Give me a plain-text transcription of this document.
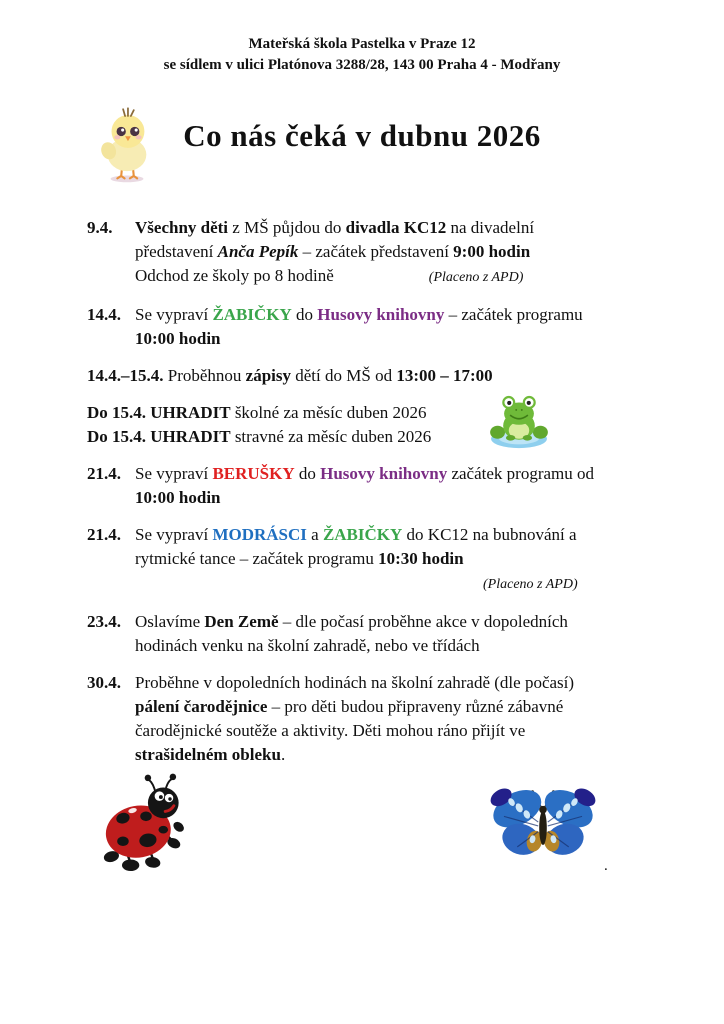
Mateřská škola Pastelka v Praze 12
se sídlem v ulici Platónova 3288/28, 143 00 Praha 4 - Modřany
Co nás čeká v dubnu 2026
9.4.	Všechny děti z MŠ půjdou do divadla KC12 na divadelní
představení Anča Pepík – začátek představení 9:00 hodin
Odchod ze školy po 8 hodině	(Placeno z APD)
14.4. Se vypraví ŽABIČKY do Husovy knihovny – začátek programu
10:00 hodin
14.4.–15.4. Proběhnou zápisy dětí do MŠ od 13:00 – 17:00
Do 15.4. UHRADIT školné za měsíc duben 2026
Do 15.4. UHRADIT stravné za měsíc duben 2026
21.4. Se vypraví BERUŠKY do Husovy knihovny začátek programu od
10:00 hodin
21.4. Se vypraví MODRÁSCI a ŽABIČKY do KC12 na bubnování a
rytmické tance – začátek programu 10:30 hodin
(Placeno z APD)
23.4. Oslavíme Den Země – dle počasí proběhne akce v dopoledních
hodinách venku na školní zahradě, nebo ve třídách
30.4. Proběhne v dopoledních hodinách na školní zahradě (dle počasí)
pálení čarodějnice – pro děti budou připraveny různé zábavné
čarodějnické soutěže a aktivity. Děti mohou ráno přijít ve
strašidelném obleku.
.
